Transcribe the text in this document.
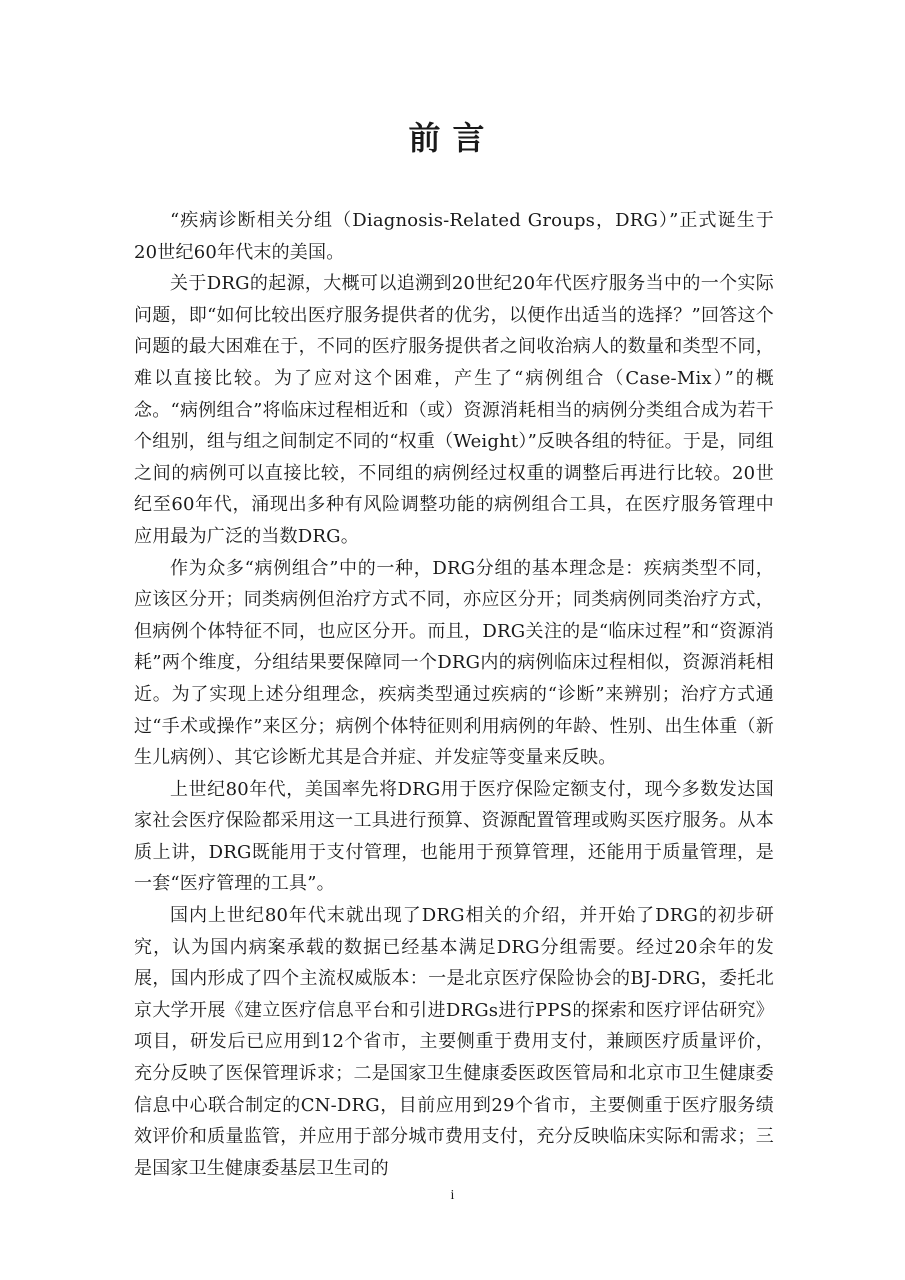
前言

“疾病诊断相关分组（Diagnosis-Related Groups，DRG）”正式诞生于20世纪60年代末的美国。

关于DRG的起源，大概可以追溯到20世纪20年代医疗服务当中的一个实际问题，即“如何比较出医疗服务提供者的优劣，以便作出适当的选择？”回答这个问题的最大困难在于，不同的医疗服务提供者之间收治病人的数量和类型不同，难以直接比较。为了应对这个困难，产生了“病例组合（Case-Mix）”的概念。“病例组合”将临床过程相近和（或）资源消耗相当的病例分类组合成为若干个组别，组与组之间制定不同的“权重（Weight）”反映各组的特征。于是，同组之间的病例可以直接比较，不同组的病例经过权重的调整后再进行比较。20世纪至60年代，涌现出多种有风险调整功能的病例组合工具，在医疗服务管理中应用最为广泛的当数DRG。

作为众多“病例组合”中的一种，DRG分组的基本理念是：疾病类型不同，应该区分开；同类病例但治疗方式不同，亦应区分开；同类病例同类治疗方式，但病例个体特征不同，也应区分开。而且，DRG关注的是“临床过程”和“资源消耗”两个维度，分组结果要保障同一个DRG内的病例临床过程相似，资源消耗相近。为了实现上述分组理念，疾病类型通过疾病的“诊断”来辨别；治疗方式通过“手术或操作”来区分；病例个体特征则利用病例的年龄、性别、出生体重（新生儿病例）、其它诊断尤其是合并症、并发症等变量来反映。

上世纪80年代，美国率先将DRG用于医疗保险定额支付，现今多数发达国家社会医疗保险都采用这一工具进行预算、资源配置管理或购买医疗服务。从本质上讲，DRG既能用于支付管理，也能用于预算管理，还能用于质量管理，是一套“医疗管理的工具”。

国内上世纪80年代末就出现了DRG相关的介绍，并开始了DRG的初步研究，认为国内病案承载的数据已经基本满足DRG分组需要。经过20余年的发展，国内形成了四个主流权威版本：一是北京医疗保险协会的BJ-DRG，委托北京大学开展《建立医疗信息平台和引进DRGs进行PPS的探索和医疗评估研究》项目，研发后已应用到12个省市，主要侧重于费用支付，兼顾医疗质量评价，充分反映了医保管理诉求；二是国家卫生健康委医政医管局和北京市卫生健康委信息中心联合制定的CN-DRG，目前应用到29个省市，主要侧重于医疗服务绩效评价和质量监管，并应用于部分城市费用支付，充分反映临床实际和需求；三是国家卫生健康委基层卫生司的

i
